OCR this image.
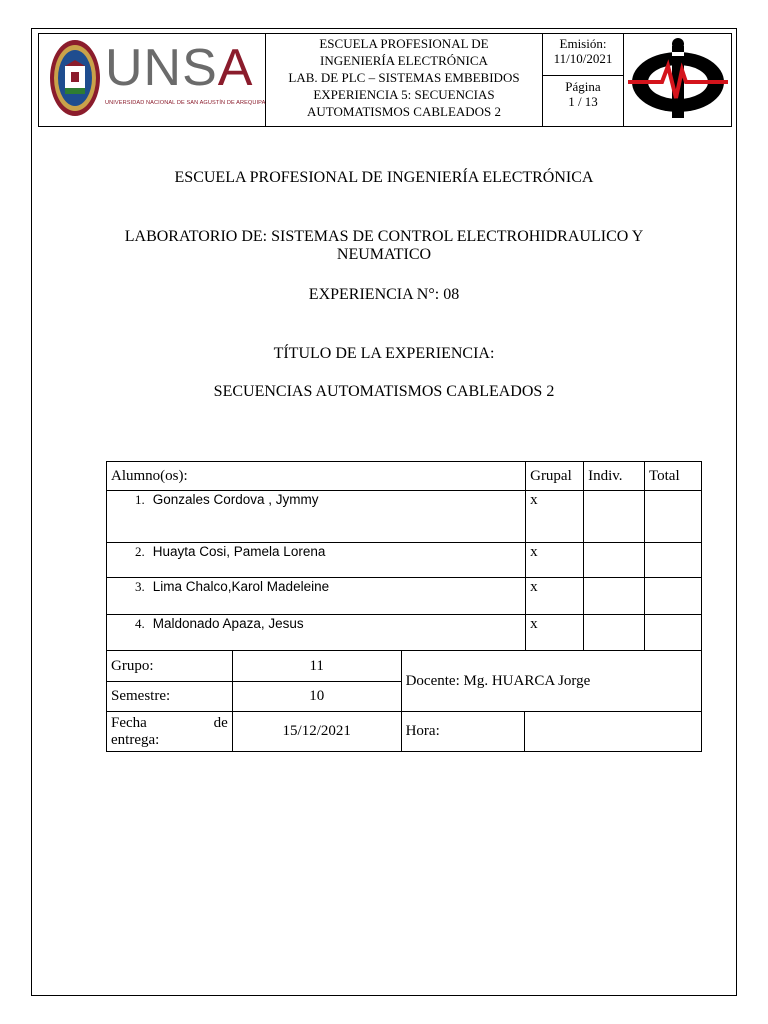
UNSA
UNIVERSIDAD NACIONAL DE SAN AGUSTÍN DE AREQUIPA
ESCUELA PROFESIONAL DE
INGENIERÍA ELECTRÓNICA
LAB. DE PLC – SISTEMAS EMBEBIDOS
EXPERIENCIA 5: SECUENCIAS
AUTOMATISMOS CABLEADOS 2
Emisión:
11/10/2021
Página
1 / 13
ESCUELA PROFESIONAL DE INGENIERÍA ELECTRÓNICA
LABORATORIO DE: SISTEMAS DE CONTROL ELECTROHIDRAULICO Y
NEUMATICO
EXPERIENCIA N°: 08
TÍTULO DE LA EXPERIENCIA:
SECUENCIAS AUTOMATISMOS CABLEADOS 2
Alumno(os):	Grupal	Indiv.	Total
1. Gonzales Cordova , Jymmy	x		
2. Huayta Cosi, Pamela Lorena	x		
3. Lima Chalco,Karol Madeleine	x		
4. Maldonado Apaza, Jesus	x		
Grupo:	11	Docente: Mg. HUARCA Jorge	
Semestre:	10		

Fecha de
entrega:	15/12/2021	Hora:	
